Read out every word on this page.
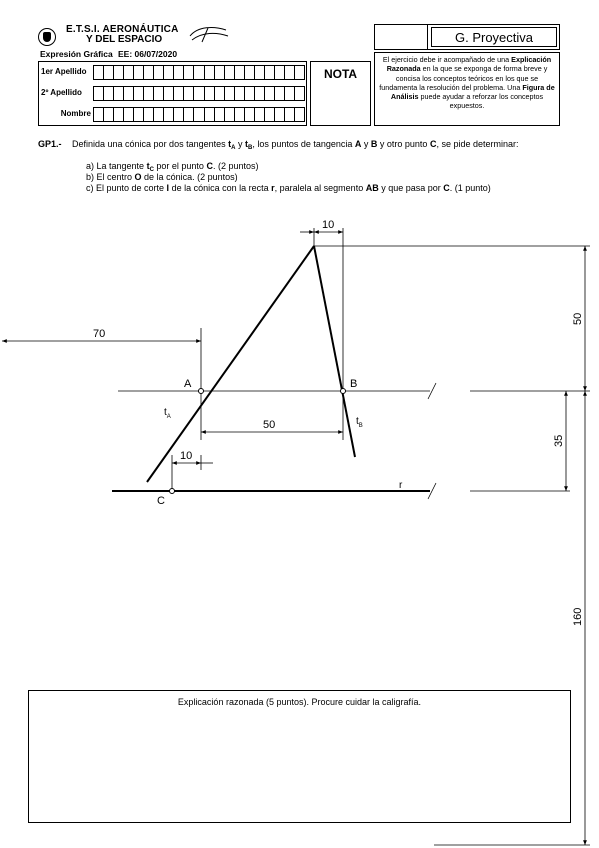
E.T.S.I. AERONÁUTICA
Y DEL ESPACIO
Expresión Gráfica EE: 06/07/2020
1er Apellido
2º Apellido
Nombre
NOTA
G. Proyectiva
El ejercicio debe ir acompañado de una Explicación Razonada en la que se exponga de forma breve y concisa los conceptos teóricos en los que se fundamenta la resolución del problema. Una Figura de Análisis puede ayudar a reforzar los conceptos expuestos.
GP1.- Definida una cónica por dos tangentes $t_A$ y $t_B$, los puntos de tangencia A y B y otro punto C, se pide determinar:
a) La tangente $t_C$ por el punto C. (2 puntos)
b) El centro O de la cónica. (2 puntos)
c) El punto de corte I de la cónica con la recta r, paralela al segmento AB y que pasa por C. (1 punto)
A	B
C
$t_A$	$t_B$
r
10
70
50
10
50
35
160
Explicación razonada (5 puntos). Procure cuidar la caligrafía.
